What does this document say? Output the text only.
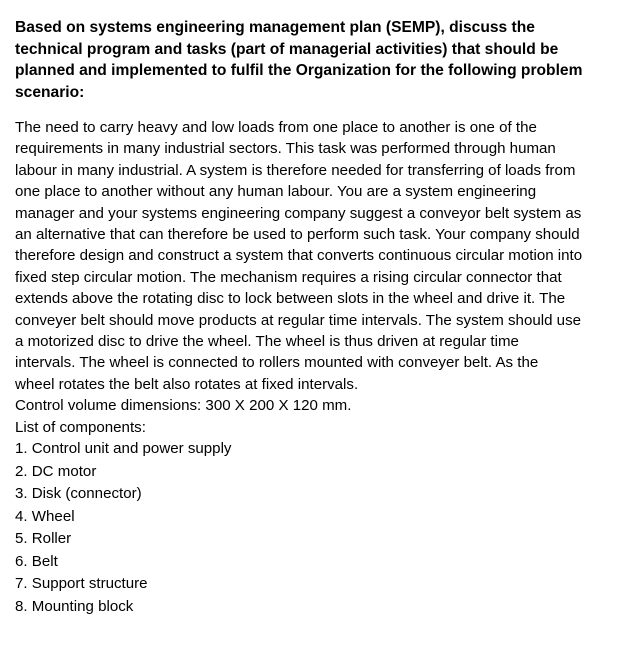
Based on systems engineering management plan (SEMP), discuss the
technical program and tasks (part of managerial activities) that should be
planned and implemented to fulfil the Organization for the following problem
scenario:
The need to carry heavy and low loads from one place to another is one of the
requirements in many industrial sectors. This task was performed through human
labour in many industrial. A system is therefore needed for transferring of loads from
one place to another without any human labour. You are a system engineering
manager and your systems engineering company suggest a conveyor belt system as
an alternative that can therefore be used to perform such task. Your company should
therefore design and construct a system that converts continuous circular motion into
fixed step circular motion. The mechanism requires a rising circular connector that
extends above the rotating disc to lock between slots in the wheel and drive it. The
conveyer belt should move products at regular time intervals. The system should use
a motorized disc to drive the wheel. The wheel is thus driven at regular time
intervals. The wheel is connected to rollers mounted with conveyer belt. As the
wheel rotates the belt also rotates at fixed intervals.
Control volume dimensions: 300 X 200 X 120 mm.
List of components:
1. Control unit and power supply
2. DC motor
3. Disk (connector)
4. Wheel
5. Roller
6. Belt
7. Support structure
8. Mounting block
